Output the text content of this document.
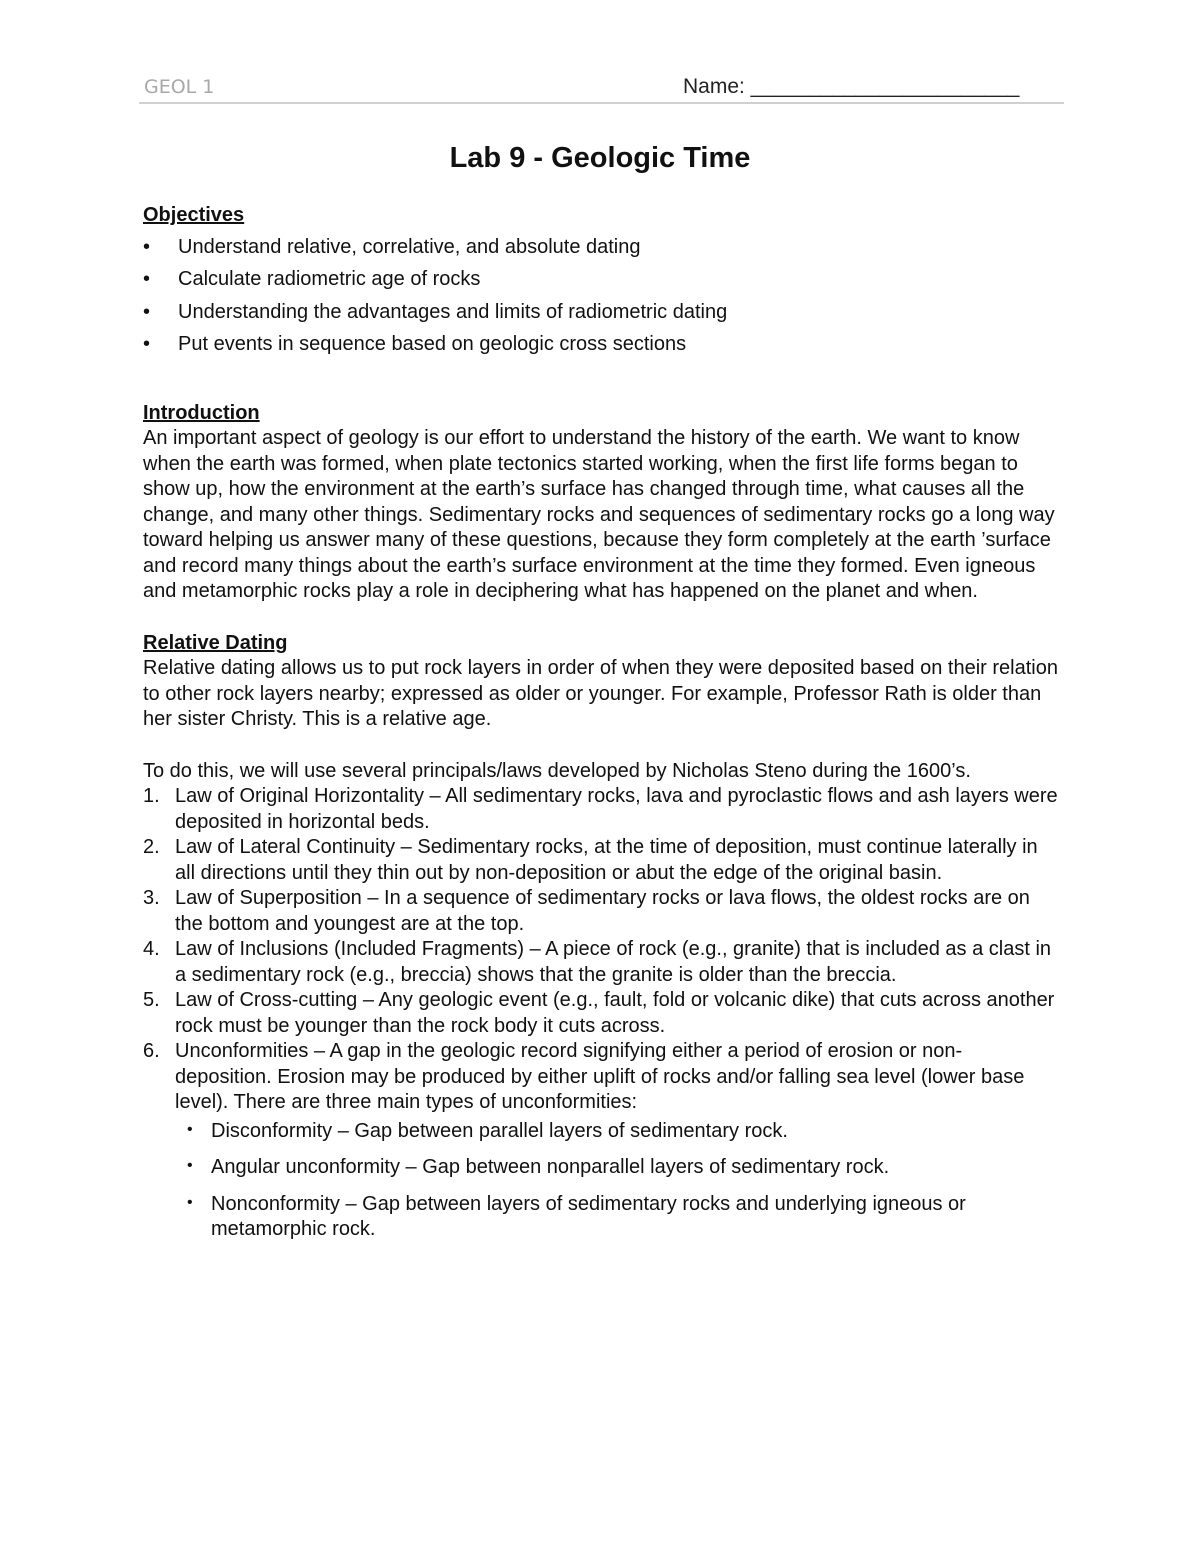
GEOL 1	Name: _______________________
Lab 9 - Geologic Time

Objectives

• Understand relative, correlative, and absolute dating
• Calculate radiometric age of rocks
• Understanding the advantages and limits of radiometric dating
• Put events in sequence based on geologic cross sections

Introduction

An important aspect of geology is our effort to understand the history of the earth. We want to know when the earth was formed, when plate tectonics started working, when the first life forms began to show up, how the environment at the earth’s surface has changed through time, what causes all the change, and many other things. Sedimentary rocks and sequences of sedimentary rocks go a long way toward helping us answer many of these questions, because they form completely at the earth ’surface and record many things about the earth’s surface environment at the time they formed. Even igneous and metamorphic rocks play a role in deciphering what has happened on the planet and when.

Relative Dating

Relative dating allows us to put rock layers in order of when they were deposited based on their relation to other rock layers nearby; expressed as older or younger. For example, Professor Rath is older than her sister Christy. This is a relative age.

To do this, we will use several principals/laws developed by Nicholas Steno during the 1600’s.

1. Law of Original Horizontality – All sedimentary rocks, lava and pyroclastic flows and ash layers were deposited in horizontal beds.
2. Law of Lateral Continuity – Sedimentary rocks, at the time of deposition, must continue laterally in all directions until they thin out by non-deposition or abut the edge of the original basin.
3. Law of Superposition – In a sequence of sedimentary rocks or lava flows, the oldest rocks are on the bottom and youngest are at the top.
4. Law of Inclusions (Included Fragments) – A piece of rock (e.g., granite) that is included as a clast in a sedimentary rock (e.g., breccia) shows that the granite is older than the breccia.
5. Law of Cross-cutting – Any geologic event (e.g., fault, fold or volcanic dike) that cuts across another rock must be younger than the rock body it cuts across.
6. Unconformities – A gap in the geologic record signifying either a period of erosion or non-deposition. Erosion may be produced by either uplift of rocks and/or falling sea level (lower base level). There are three main types of unconformities:
• Disconformity – Gap between parallel layers of sedimentary rock.
• Angular unconformity – Gap between nonparallel layers of sedimentary rock.
• Nonconformity – Gap between layers of sedimentary rocks and underlying igneous or metamorphic rock.
